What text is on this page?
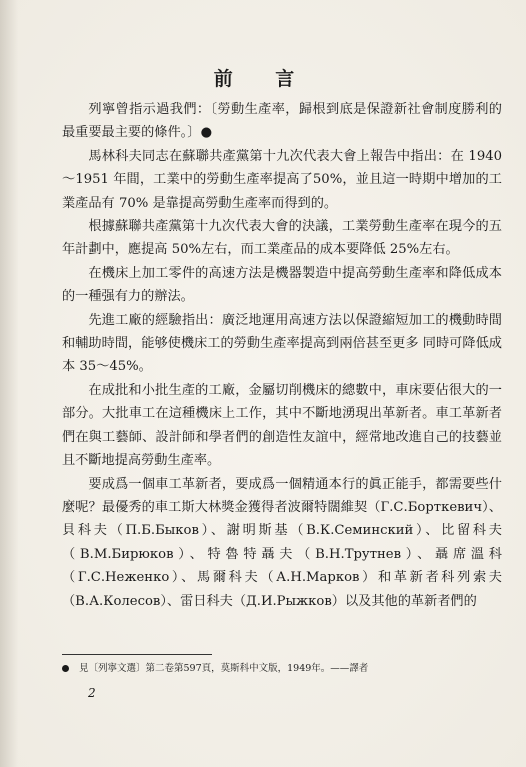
前 言

列寧曾指示過我們：〔勞動生產率，歸根到底是保證新社會制度勝利的最重要最主要的條件。〕●

馬林科夫同志在蘇聯共產黨第十九次代表大會上報告中指出：在 1940～1951 年間，工業中的勞動生產率提高了50%，並且這一時期中增加的工業產品有 70% 是靠提高勞動生產率而得到的。

根據蘇聯共產黨第十九次代表大會的決議，工業勞動生產率在現今的五年計劃中，應提高 50%左右，而工業產品的成本要降低 25%左右。

在機床上加工零件的高速方法是機器製造中提高勞動生產率和降低成本的一種强有力的辦法。

先進工廠的經驗指出：廣泛地運用高速方法以保證縮短加工的機動時間和輔助時間，能够使機床工的勞動生產率提高到兩倍甚至更多 同時可降低成本 35～45%。

在成批和小批生產的工廠，金屬切削機床的總數中，車床要佔很大的一部分。大批車工在這種機床上工作，其中不斷地湧現出革新者。車工革新者們在與工藝師、設計師和學者們的創造性友誼中，經常地改進自己的技藝並且不斷地提高勞動生產率。

要成爲一個車工革新者，要成爲一個精通本行的眞正能手，都需要些什麼呢？最優秀的車工斯大林獎金獲得者波爾特闊維契（Г.С.Борткевич）、貝科夫（П.Б.Быков）、謝明斯基（В.К.Семинский）、比留科夫（В.М.Бирюков）、特魯特聶夫（В.Н.Трутнев）、聶席溫科（Г.С.Неженко）、馬爾科夫（А.Н.Марков）和革新者科列索夫（В.А.Колесов）、雷日科夫（Д.И.Рыжков）以及其他的革新者們的

見〔列寧文選〕第二卷第597頁，莫斯科中文版，1949年。——譯者
2
